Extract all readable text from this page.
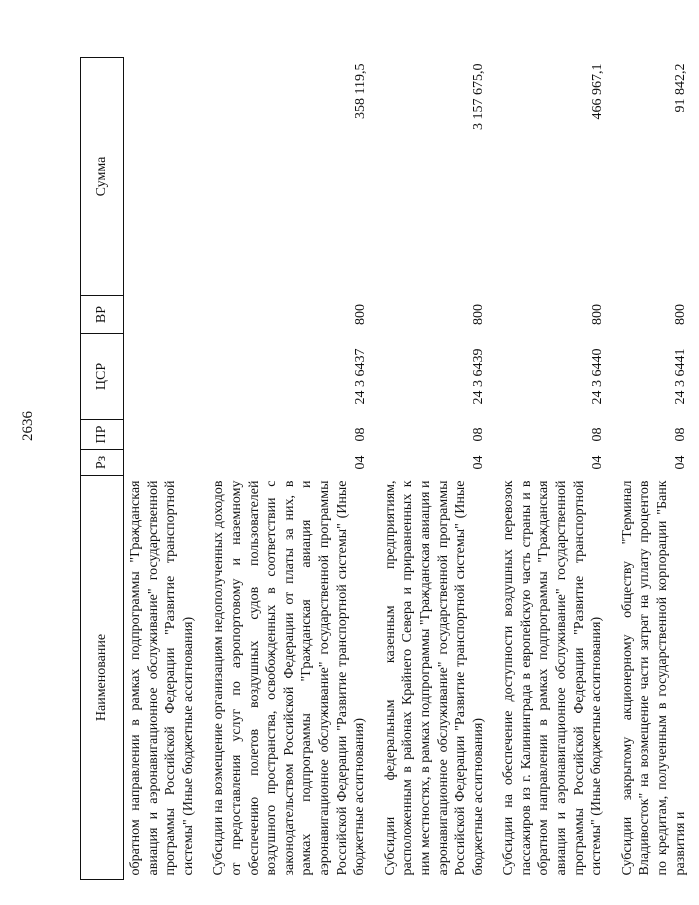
2636
Наименование	Рз	ПР	ЦСР	ВР	Сумма
обратном направлении в рамках подпрограммы "Гражданская авиация и аэронавигационное обслуживание" государственной программы Российской Федерации "Развитие транспортной системы" (Иные бюджетные ассигнования)					
Субсидии на возмещение организациям недополученных доходов от предоставления услуг по аэропортовому и наземному обеспечению полетов воздушных судов пользователей воздушного пространства, освобожденных в соответствии с законодательством Российской Федерации от платы за них, в рамках подпрограммы "Гражданская авиация и аэронавигационное обслуживание" государственной программы Российской Федерации "Развитие транспортной системы" (Иные бюджетные ассигнования)	04	08	24 3 6437	800	358 119,5
Субсидии федеральным казенным предприятиям, расположенным в районах Крайнего Севера и приравненных к ним местностях, в рамках подпрограммы "Гражданская авиация и аэронавигационное обслуживание" государственной программы Российской Федерации "Развитие транспортной системы" (Иные бюджетные ассигнования)	04	08	24 3 6439	800	3 157 675,0
Субсидии на обеспечение доступности воздушных перевозок пассажиров из г. Калининграда в европейскую часть страны и в обратном направлении в рамках подпрограммы "Гражданская авиация и аэронавигационное обслуживание" государственной программы Российской Федерации "Развитие транспортной системы" (Иные бюджетные ассигнования)	04	08	24 3 6440	800	466 967,1
Субсидии закрытому акционерному обществу "Терминал Владивосток" на возмещение части затрат на уплату процентов по кредитам, полученным в государственной корпорации "Банк развития и	04	08	24 3 6441	800	91 842,2
